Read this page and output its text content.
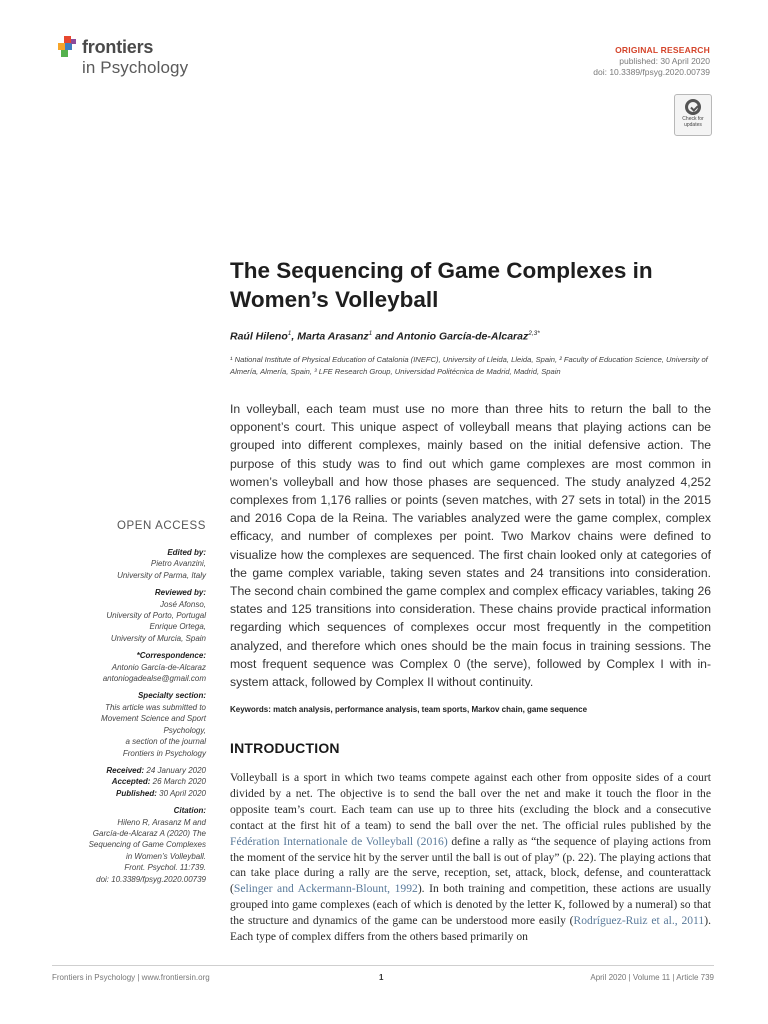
frontiers
in Psychology
ORIGINAL RESEARCH
published: 30 April 2020
doi: 10.3389/fpsyg.2020.00739
Check for updates
The Sequencing of Game Complexes in Women’s Volleyball
Raúl Hileno$^1$, Marta Arasanz$^1$ and Antonio García-de-Alcaraz$^{2,3*}$
¹ National Institute of Physical Education of Catalonia (INEFC), University of Lleida, Lleida, Spain, ² Faculty of Education Science, University of Almería, Almería, Spain, ³ LFE Research Group, Universidad Politécnica de Madrid, Madrid, Spain
In volleyball, each team must use no more than three hits to return the ball to the opponent’s court. This unique aspect of volleyball means that playing actions can be grouped into different complexes, mainly based on the initial defensive action. The purpose of this study was to find out which game complexes are most common in women’s volleyball and how those phases are sequenced. The study analyzed 4,252 complexes from 1,176 rallies or points (seven matches, with 27 sets in total) in the 2015 and 2016 Copa de la Reina. The variables analyzed were the game complex, complex efficacy, and number of complexes per point. Two Markov chains were defined to visualize how the complexes are sequenced. The first chain looked only at categories of the game complex variable, taking seven states and 24 transitions into consideration. The second chain combined the game complex and complex efficacy variables, taking 26 states and 125 transitions into consideration. These chains provide practical information regarding which sequences of complexes occur most frequently in the competition analyzed, and therefore which ones should be the main focus in training sessions. The most frequent sequence was Complex 0 (the serve), followed by Complex I with in-system attack, followed by Complex II without continuity.
Keywords: match analysis, performance analysis, team sports, Markov chain, game sequence
OPEN ACCESS
Edited by:
Pietro Avanzini,
University of Parma, Italy
Reviewed by:
José Afonso,
University of Porto, Portugal
Enrique Ortega,
University of Murcia, Spain
*Correspondence:
Antonio García-de-Alcaraz
antoniogadealse@gmail.com
Specialty section:
This article was submitted to
Movement Science and Sport
Psychology,
a section of the journal
Frontiers in Psychology
Received: 24 January 2020
Accepted: 26 March 2020
Published: 30 April 2020
Citation:
Hileno R, Arasanz M and
García-de-Alcaraz A (2020) The
Sequencing of Game Complexes
in Women’s Volleyball.
Front. Psychol. 11:739.
doi: 10.3389/fpsyg.2020.00739
INTRODUCTION
Volleyball is a sport in which two teams compete against each other from opposite sides of a court divided by a net. The objective is to send the ball over the net and make it touch the floor in the opposite team’s court. Each team can use up to three hits (excluding the block and a consecutive contact at the first hit of a team) to send the ball over the net. The official rules published by the Fédération Internationale de Volleyball (2016) define a rally as “the sequence of playing actions from the moment of the service hit by the server until the ball is out of play” (p. 22). The playing actions that can take place during a rally are the serve, reception, set, attack, block, defense, and counterattack (Selinger and Ackermann-Blount, 1992). In both training and competition, these actions are usually grouped into game complexes (each of which is denoted by the letter K, followed by a numeral) so that the structure and dynamics of the game can be understood more easily (Rodríguez-Ruiz et al., 2011). Each type of complex differs from the others based primarily on
Frontiers in Psychology | www.frontiersin.org	1	April 2020 | Volume 11 | Article 739
